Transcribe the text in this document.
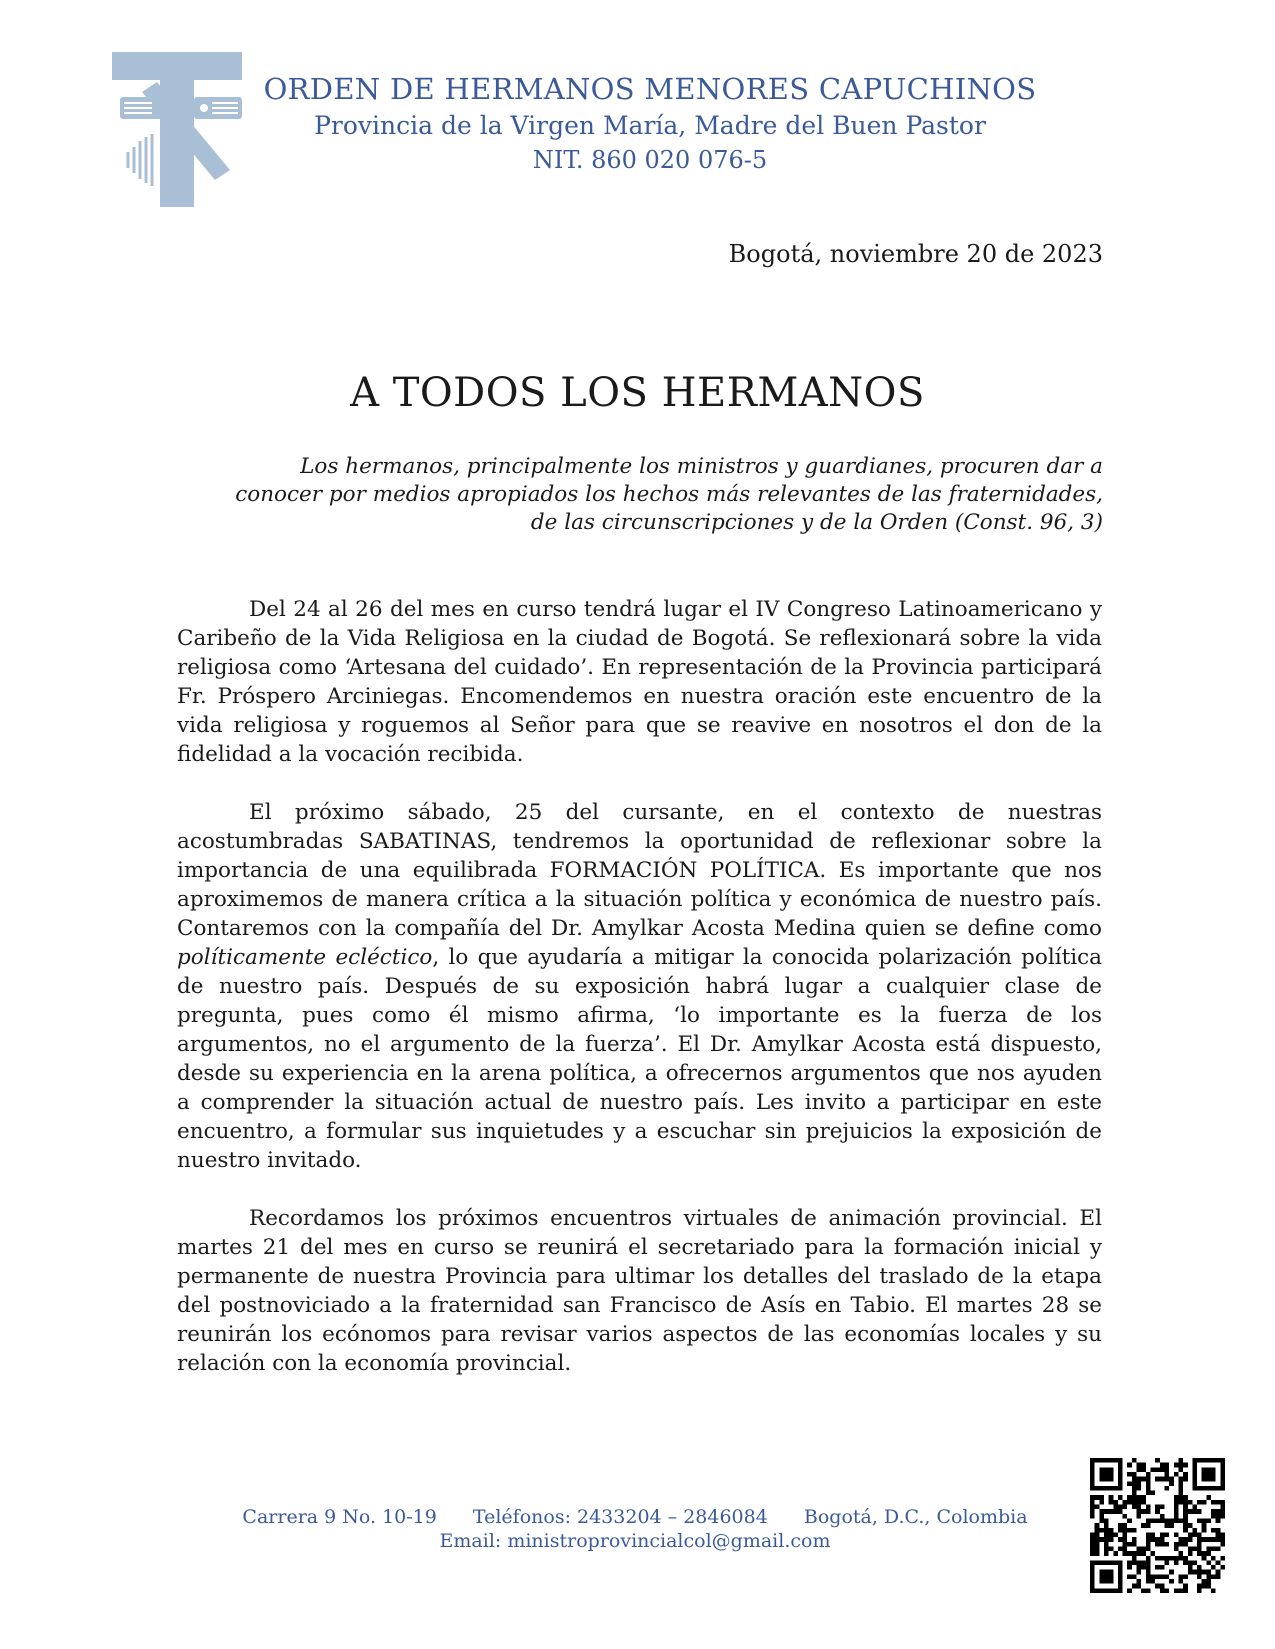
ORDEN DE HERMANOS MENORES CAPUCHINOS
Provincia de la Virgen María, Madre del Buen Pastor
NIT. 860 020 076-5
Bogotá, noviembre 20 de 2023
A TODOS LOS HERMANOS
Los hermanos, principalmente los ministros y guardianes, procuren dar a
conocer por medios apropiados los hechos más relevantes de las fraternidades,
de las circunscripciones y de la Orden (Const. 96, 3)

Del 24 al 26 del mes en curso tendrá lugar el IV Congreso Latinoamericano y Caribeño de la Vida Religiosa en la ciudad de Bogotá. Se reflexionará sobre la vida religiosa como ‘Artesana del cuidado’. En representación de la Provincia participará Fr. Próspero Arciniegas. Encomendemos en nuestra oración este encuentro de la vida religiosa y roguemos al Señor para que se reavive en nosotros el don de la fidelidad a la vocación recibida.

El próximo sábado, 25 del cursante, en el contexto de nuestras acostumbradas SABATINAS, tendremos la oportunidad de reflexionar sobre la importancia de una equilibrada FORMACIÓN POLÍTICA. Es importante que nos aproximemos de manera crítica a la situación política y económica de nuestro país. Contaremos con la compañía del Dr. Amylkar Acosta Medina quien se define como políticamente ecléctico, lo que ayudaría a mitigar la conocida polarización política de nuestro país. Después de su exposición habrá lugar a cualquier clase de pregunta, pues como él mismo afirma, ‘lo importante es la fuerza de los argumentos, no el argumento de la fuerza’. El Dr. Amylkar Acosta está dispuesto, desde su experiencia en la arena política, a ofrecernos argumentos que nos ayuden a comprender la situación actual de nuestro país. Les invito a participar en este encuentro, a formular sus inquietudes y a escuchar sin prejuicios la exposición de nuestro invitado.

Recordamos los próximos encuentros virtuales de animación provincial. El martes 21 del mes en curso se reunirá el secretariado para la formación inicial y permanente de nuestra Provincia para ultimar los detalles del traslado de la etapa del postnoviciado a la fraternidad san Francisco de Asís en Tabio. El martes 28 se reunirán los ecónomos para revisar varios aspectos de las economías locales y su relación con la economía provincial.

Carrera 9 No. 10-19 Teléfonos: 2433204 – 2846084 Bogotá, D.C., Colombia
Email: ministroprovincialcol@gmail.com
